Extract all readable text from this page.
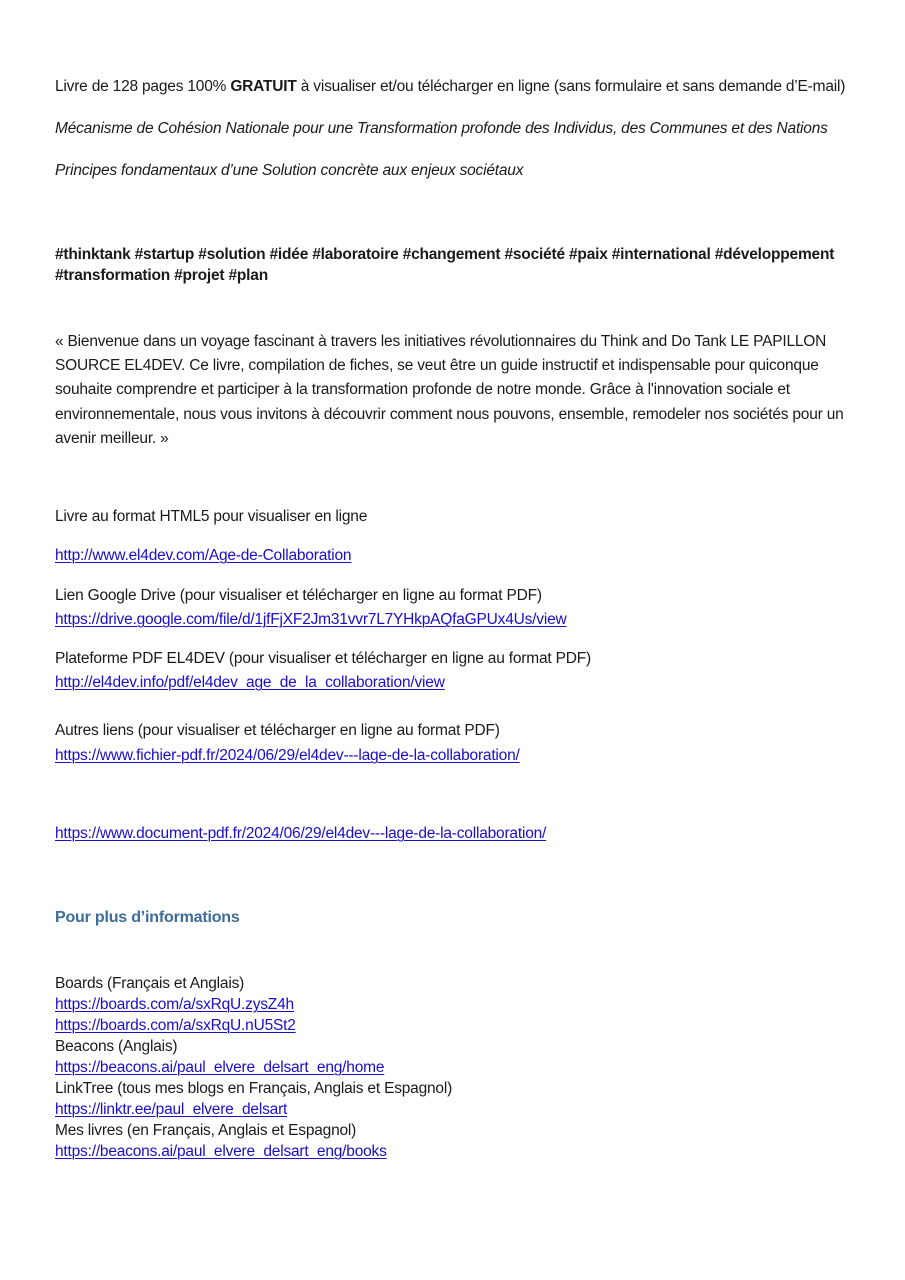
Livre de 128 pages 100% GRATUIT à visualiser et/ou télécharger en ligne (sans formulaire et sans demande d’E-mail)
Mécanisme de Cohésion Nationale pour une Transformation profonde des Individus, des Communes et des Nations
Principes fondamentaux d’une Solution concrète aux enjeux sociétaux
#thinktank #startup #solution #idée #laboratoire #changement #société #paix #international #développement #transformation #projet #plan
« Bienvenue dans un voyage fascinant à travers les initiatives révolutionnaires du Think and Do Tank LE PAPILLON SOURCE EL4DEV. Ce livre, compilation de fiches, se veut être un guide instructif et indispensable pour quiconque souhaite comprendre et participer à la transformation profonde de notre monde. Grâce à l'innovation sociale et environnementale, nous vous invitons à découvrir comment nous pouvons, ensemble, remodeler nos sociétés pour un avenir meilleur. »
Livre au format HTML5 pour visualiser en ligne
http://www.el4dev.com/Age-de-Collaboration
Lien Google Drive (pour visualiser et télécharger en ligne au format PDF)
https://drive.google.com/file/d/1jfFjXF2Jm31vvr7L7YHkpAQfaGPUx4Us/view
Plateforme PDF EL4DEV (pour visualiser et télécharger en ligne au format PDF)
http://el4dev.info/pdf/el4dev_age_de_la_collaboration/view
Autres liens (pour visualiser et télécharger en ligne au format PDF)
https://www.fichier-pdf.fr/2024/06/29/el4dev---lage-de-la-collaboration/
https://www.document-pdf.fr/2024/06/29/el4dev---lage-de-la-collaboration/
Pour plus d’informations
Boards (Français et Anglais)
https://boards.com/a/sxRqU.zysZ4h
https://boards.com/a/sxRqU.nU5St2
Beacons (Anglais)
https://beacons.ai/paul_elvere_delsart_eng/home
LinkTree (tous mes blogs en Français, Anglais et Espagnol)
https://linktr.ee/paul_elvere_delsart
Mes livres (en Français, Anglais et Espagnol)
https://beacons.ai/paul_elvere_delsart_eng/books
